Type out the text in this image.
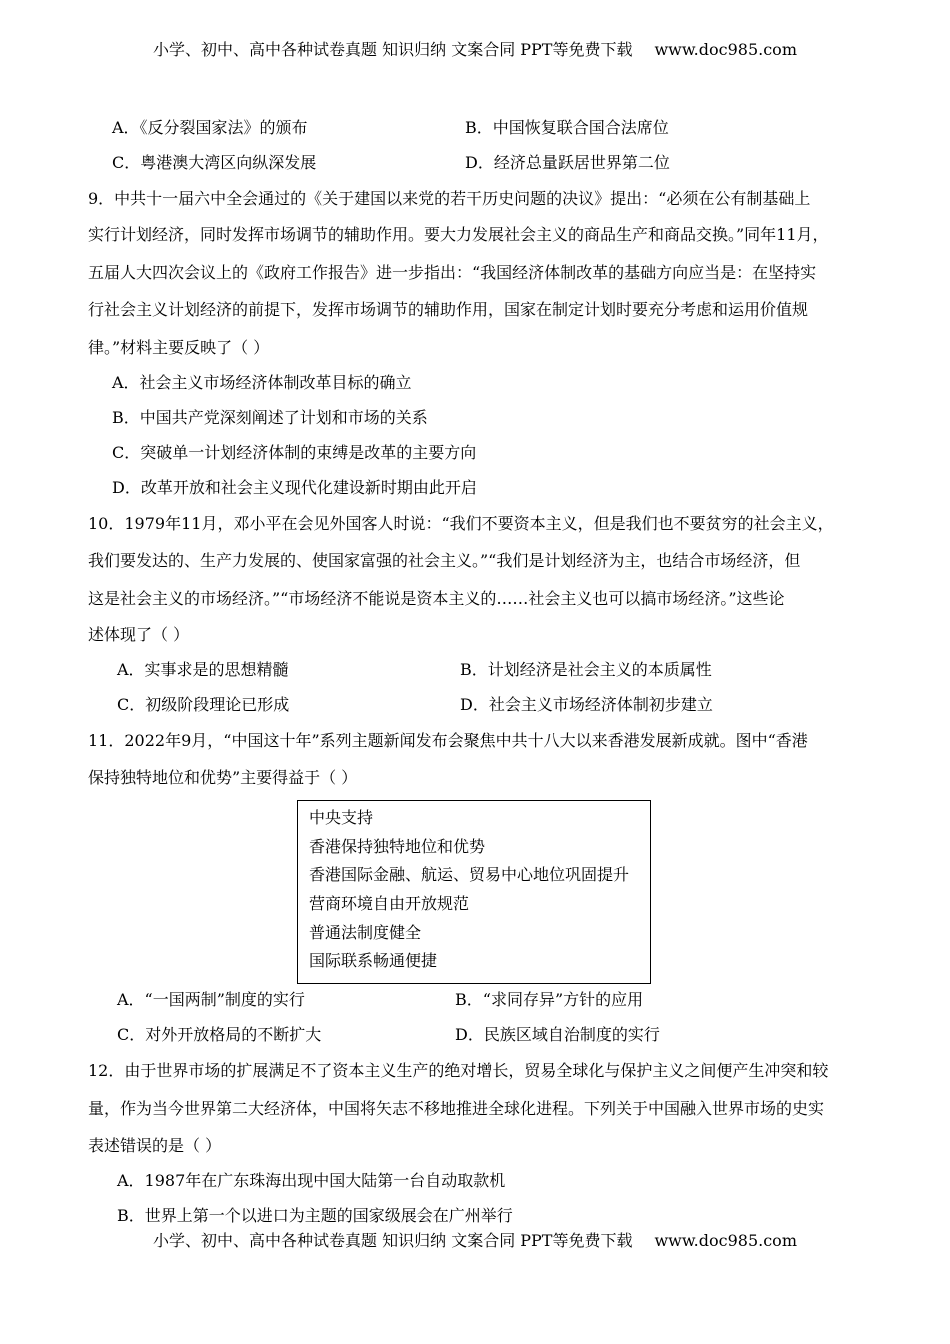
小学、初中、高中各种试卷真题 知识归纳 文案合同 PPT等免费下载 www.doc985.com
A．《反分裂国家法》的颁布	B．中国恢复联合国合法席位
C．粤港澳大湾区向纵深发展	D．经济总量跃居世界第二位
9．中共十一届六中全会通过的《关于建国以来党的若干历史问题的决议》提出：“必须在公有制基础上
实行计划经济，同时发挥市场调节的辅助作用。要大力发展社会主义的商品生产和商品交换。”同年11月，
五届人大四次会议上的《政府工作报告》进一步指出：“我国经济体制改革的基础方向应当是：在坚持实
行社会主义计划经济的前提下，发挥市场调节的辅助作用，国家在制定计划时要充分考虑和运用价值规
律。”材料主要反映了（ ）
A．社会主义市场经济体制改革目标的确立
B．中国共产党深刻阐述了计划和市场的关系
C．突破单一计划经济体制的束缚是改革的主要方向
D．改革开放和社会主义现代化建设新时期由此开启
10．1979年11月，邓小平在会见外国客人时说：“我们不要资本主义，但是我们也不要贫穷的社会主义，
我们要发达的、生产力发展的、使国家富强的社会主义。”“我们是计划经济为主，也结合市场经济，但
这是社会主义的市场经济。”“市场经济不能说是资本主义的……社会主义也可以搞市场经济。”这些论
述体现了（ ）
A．实事求是的思想精髓	B．计划经济是社会主义的本质属性
C．初级阶段理论已形成	D．社会主义市场经济体制初步建立
11．2022年9月，“中国这十年”系列主题新闻发布会聚焦中共十八大以来香港发展新成就。图中“香港
保持独特地位和优势”主要得益于（ ）
中央支持
香港保持独特地位和优势
香港国际金融、航运、贸易中心地位巩固提升
营商环境自由开放规范
普通法制度健全
国际联系畅通便捷
A．“一国两制”制度的实行	B．“求同存异”方针的应用
C．对外开放格局的不断扩大	D．民族区域自治制度的实行
12．由于世界市场的扩展满足不了资本主义生产的绝对增长，贸易全球化与保护主义之间便产生冲突和较
量，作为当今世界第二大经济体，中国将矢志不移地推进全球化进程。下列关于中国融入世界市场的史实
表述错误的是（ ）
A．1987年在广东珠海出现中国大陆第一台自动取款机
B．世界上第一个以进口为主题的国家级展会在广州举行
小学、初中、高中各种试卷真题 知识归纳 文案合同 PPT等免费下载 www.doc985.com
